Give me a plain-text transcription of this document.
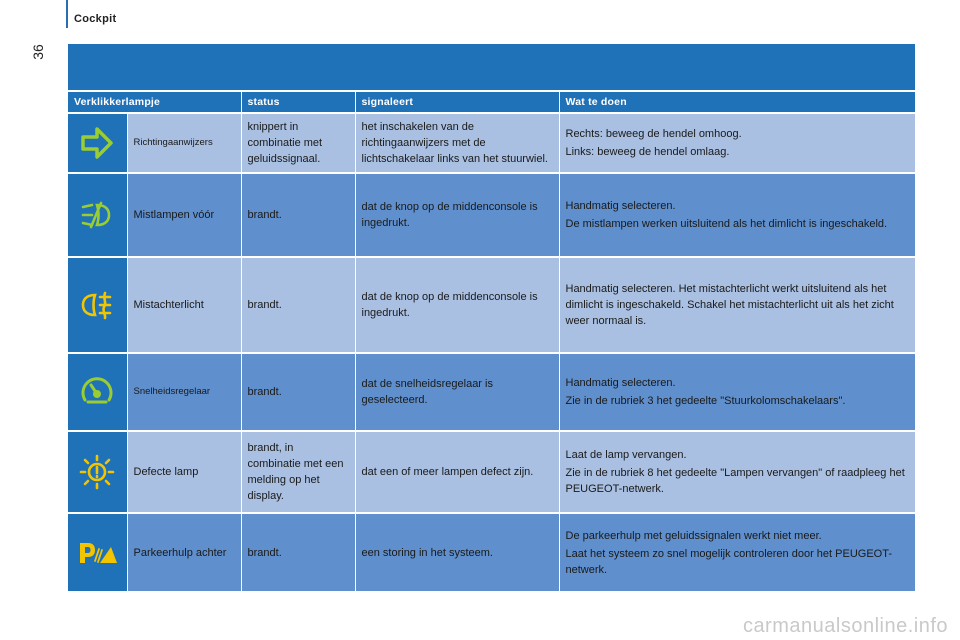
Cockpit
36
Verklikkerlampje		status	signaleert	Wat te doen

	Richtingaanwijzers	knippert in combinatie met geluidssignaal.	het inschakelen van de richtingaanwijzers met de lichtschakelaar links van het stuurwiel.	Rechts: beweeg de hendel omhoog.
Links: beweeg de hendel omlaag.

	Mistlampen vóór	brandt.	dat de knop op de middenconsole is ingedrukt.	Handmatig selecteren.
De mistlampen werken uitsluitend als het dimlicht is ingeschakeld.

	Mistachterlicht	brandt.	dat de knop op de middenconsole is ingedrukt.	Handmatig selecteren. Het mistachterlicht werkt uitsluitend als het dimlicht is ingeschakeld. Schakel het mistachterlicht uit als het zicht weer normaal is.

	Snelheidsregelaar	brandt.	dat de snelheidsregelaar is geselecteerd.	Handmatig selecteren.
Zie in de rubriek 3 het gedeelte "Stuurkolomschakelaars".

	Defecte lamp	brandt, in combinatie met een melding op het display.	dat een of meer lampen defect zijn.	Laat de lamp vervangen.
Zie in de rubriek 8 het gedeelte "Lampen vervangen" of raadpleeg het PEUGEOT-netwerk.

	Parkeerhulp achter	brandt.	een storing in het systeem.	De parkeerhulp met geluidssignalen werkt niet meer.
Laat het systeem zo snel mogelijk controleren door het PEUGEOT-netwerk.
carmanualsonline.info
